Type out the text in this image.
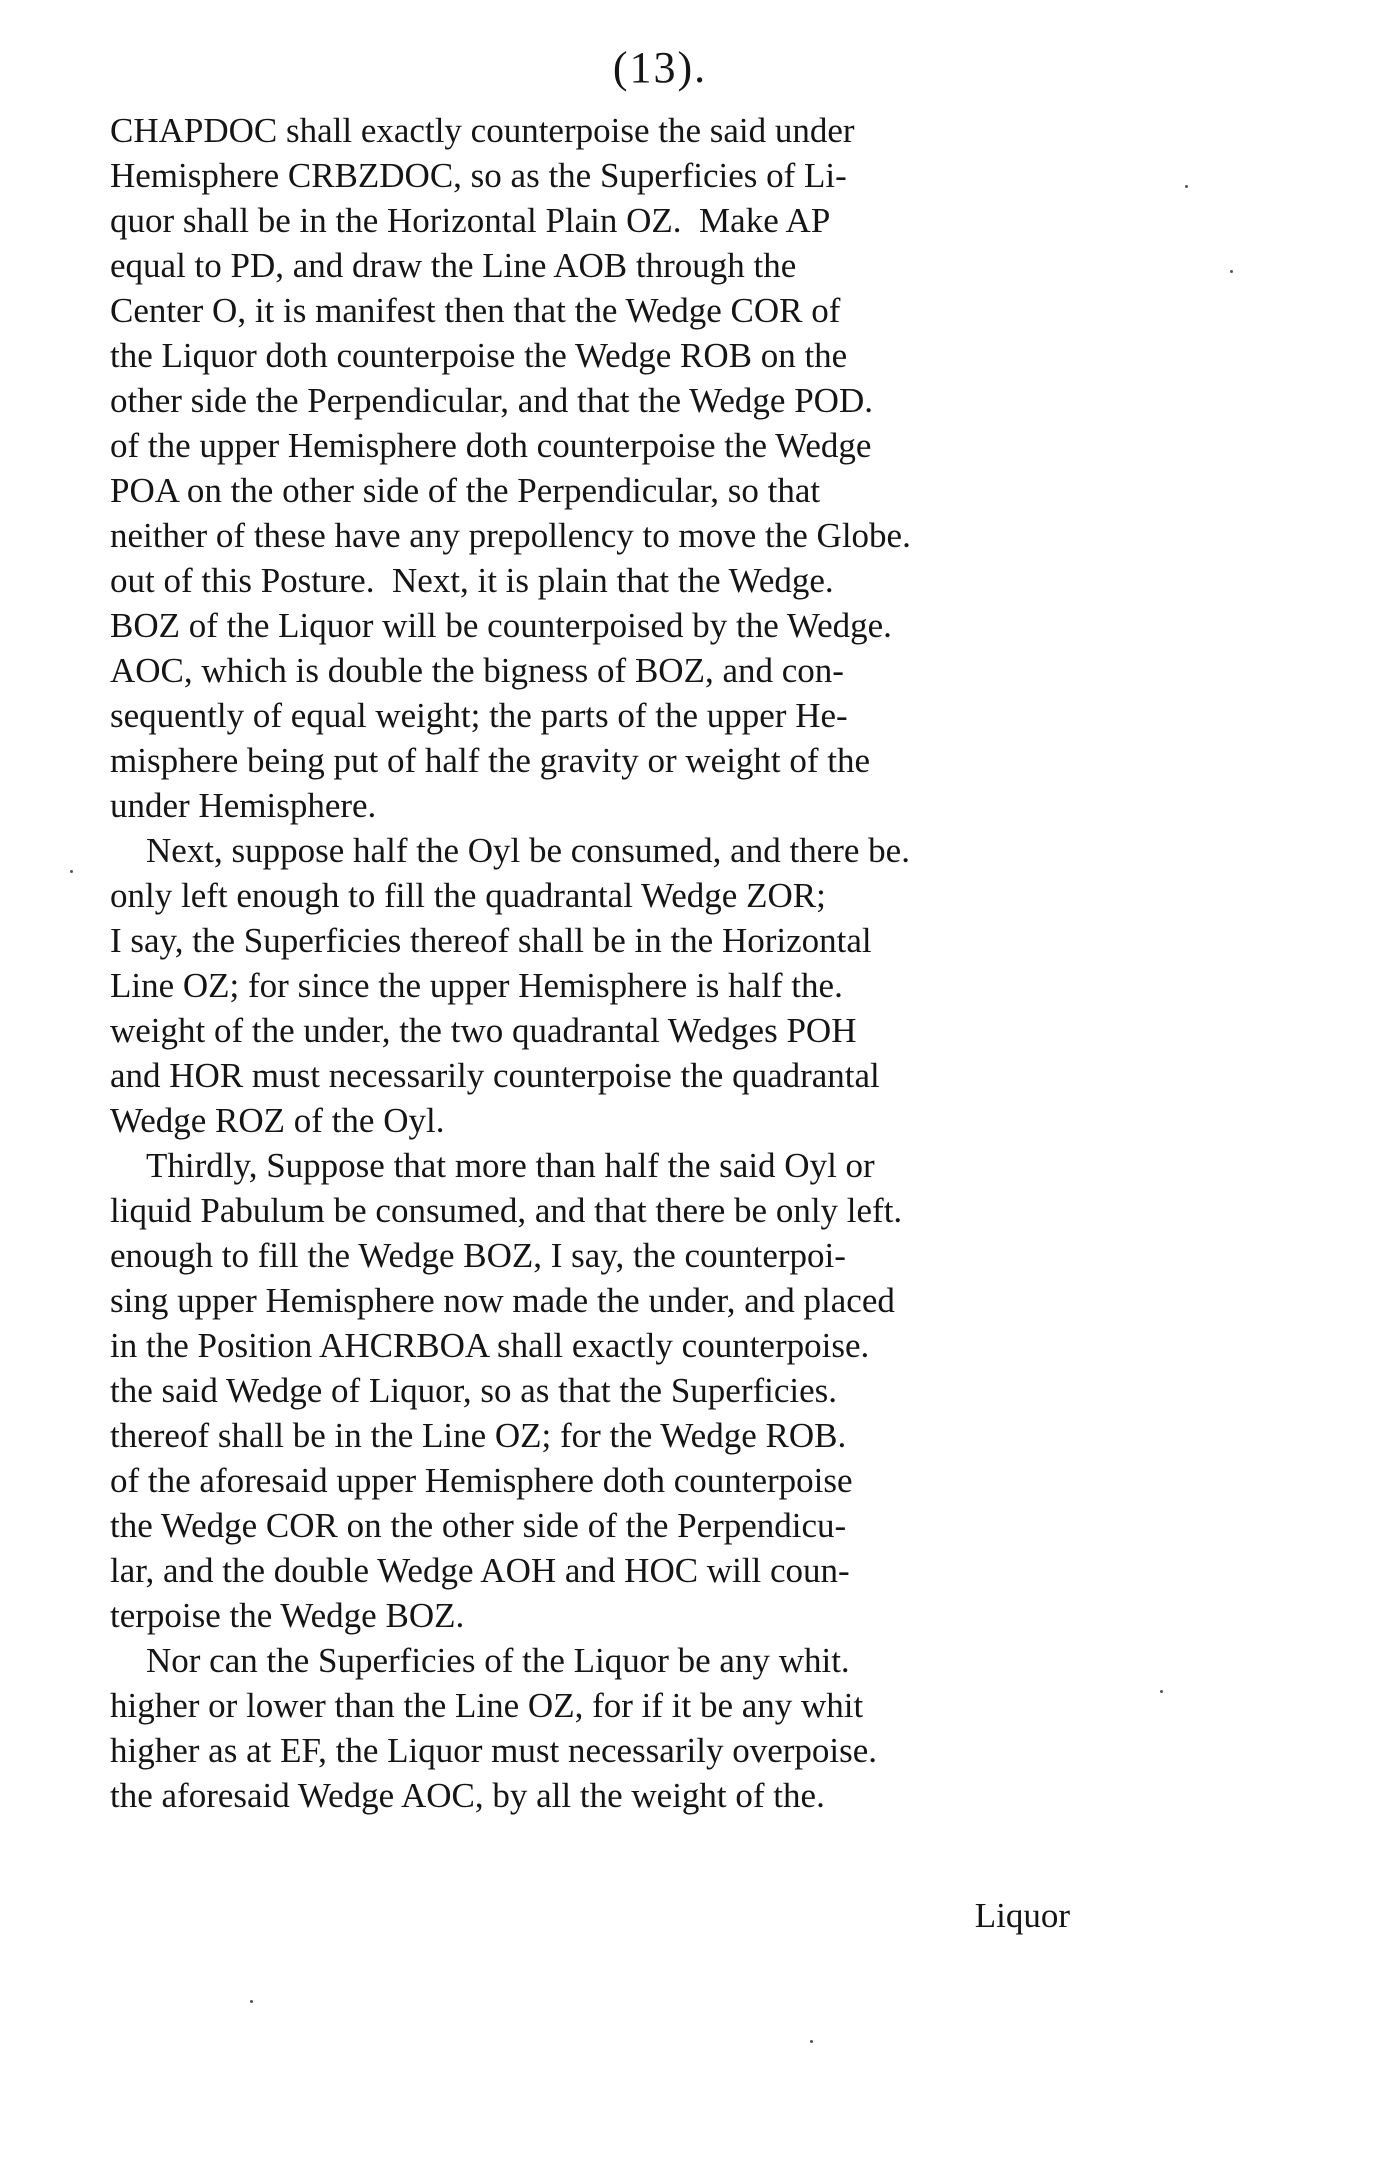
(13).
CHAPDOC shall exactly counterpoise the said under
Hemisphere CRBZDOC, so as the Superficies of Li-
quor shall be in the Horizontal Plain OZ.  Make AP
equal to PD, and draw the Line AOB through the
Center O, it is manifest then that the Wedge COR of
the Liquor doth counterpoise the Wedge ROB on the
other side the Perpendicular, and that the Wedge POD.
of the upper Hemisphere doth counterpoise the Wedge
POA on the other side of the Perpendicular, so that
neither of these have any prepollency to move the Globe.
out of this Posture.  Next, it is plain that the Wedge.
BOZ of the Liquor will be counterpoised by the Wedge.
AOC, which is double the bigness of BOZ, and con-
sequently of equal weight; the parts of the upper He-
misphere being put of half the gravity or weight of the
under Hemisphere.
Next, suppose half the Oyl be consumed, and there be.
only left enough to fill the quadrantal Wedge ZOR;
I say, the Superficies thereof shall be in the Horizontal
Line OZ; for since the upper Hemisphere is half the.
weight of the under, the two quadrantal Wedges POH
and HOR must necessarily counterpoise the quadrantal
Wedge ROZ of the Oyl.
Thirdly, Suppose that more than half the said Oyl or
liquid Pabulum be consumed, and that there be only left.
enough to fill the Wedge BOZ, I say, the counterpoi-
sing upper Hemisphere now made the under, and placed
in the Position AHCRBOA shall exactly counterpoise.
the said Wedge of Liquor, so as that the Superficies.
thereof shall be in the Line OZ; for the Wedge ROB.
of the aforesaid upper Hemisphere doth counterpoise
the Wedge COR on the other side of the Perpendicu-
lar, and the double Wedge AOH and HOC will coun-
terpoise the Wedge BOZ.
Nor can the Superficies of the Liquor be any whit.
higher or lower than the Line OZ, for if it be any whit
higher as at EF, the Liquor must necessarily overpoise.
the aforesaid Wedge AOC, by all the weight of the.
Liquor
